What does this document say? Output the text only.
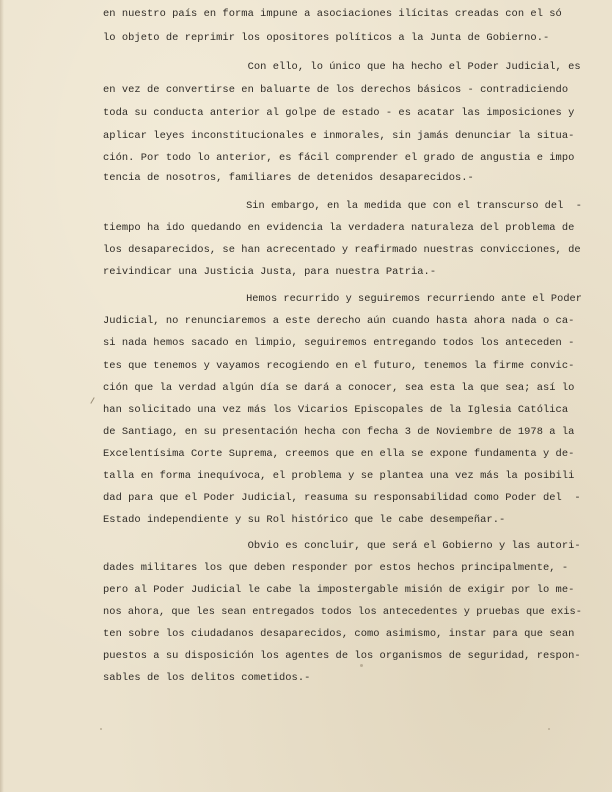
en nuestro país en forma impune a asociaciones ilícitas creadas con el só
lo objeto de reprimir los opositores políticos a la Junta de Gobierno.-
Con ello, lo único que ha hecho el Poder Judicial, es
en vez de convertirse en baluarte de los derechos básicos - contradiciendo
toda su conducta anterior al golpe de estado - es acatar las imposiciones y
aplicar leyes inconstitucionales e inmorales, sin jamás denunciar la situa-
ción. Por todo lo anterior, es fácil comprender el grado de angustia e impo
tencia de nosotros, familiares de detenidos desaparecidos.-
Sin embargo, en la medida que con el transcurso del  -
tiempo ha ido quedando en evidencia la verdadera naturaleza del problema de
los desaparecidos, se han acrecentado y reafirmado nuestras convicciones, de
reivindicar una Justicia Justa, para nuestra Patria.-
Hemos recurrido y seguiremos recurriendo ante el Poder
Judicial, no renunciaremos a este derecho aún cuando hasta ahora nada o ca-
si nada hemos sacado en limpio, seguiremos entregando todos los anteceden -
tes que tenemos y vayamos recogiendo en el futuro, tenemos la firme convic-
ción que la verdad algún día se dará a conocer, sea esta la que sea; así lo
han solicitado una vez más los Vicarios Episcopales de la Iglesia Católica
de Santiago, en su presentación hecha con fecha 3 de Noviembre de 1978 a la
Excelentísima Corte Suprema, creemos que en ella se expone fundamenta y de-
talla en forma inequívoca, el problema y se plantea una vez más la posibili
dad para que el Poder Judicial, reasuma su responsabilidad como Poder del  -
Estado independiente y su Rol histórico que le cabe desempeñar.-
Obvio es concluir, que será el Gobierno y las autori-
dades militares los que deben responder por estos hechos principalmente, -
pero al Poder Judicial le cabe la impostergable misión de exigir por lo me-
nos ahora, que les sean entregados todos los antecedentes y pruebas que exis-
ten sobre los ciudadanos desaparecidos, como asimismo, instar para que sean
puestos a su disposición los agentes de los organismos de seguridad, respon-
sables de los delitos cometidos.-
